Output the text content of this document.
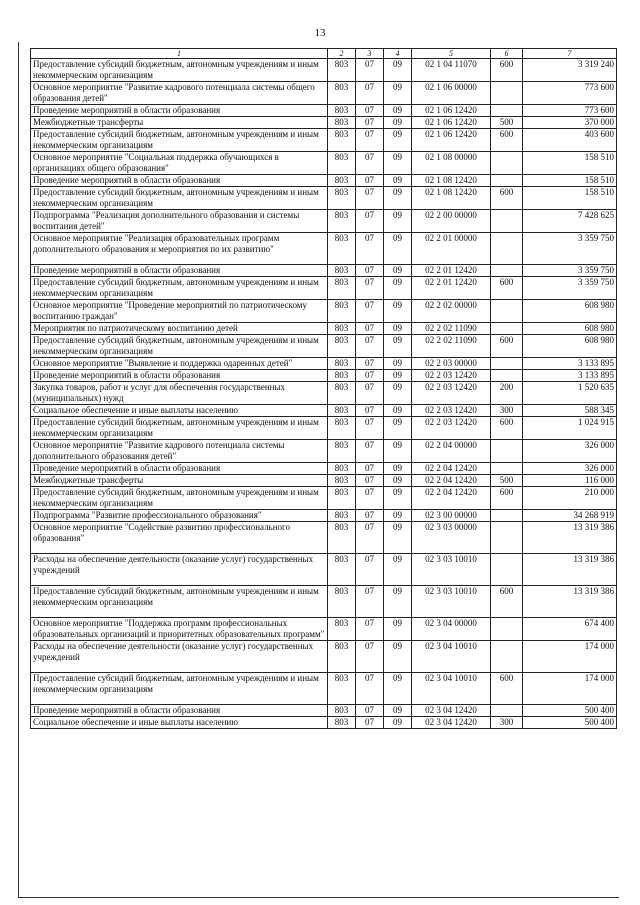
13
1	2	3	4	5	6	7
Предоставление субсидий бюджетным, автономным учреждениям и иным некоммерческим организациям	803	07	09	02 1 04 11070	600	3 319 240
Основное мероприятие "Развитие кадрового потенциала системы общего образования детей"	803	07	09	02 1 06 00000		773 600
Проведение мероприятий в области образования	803	07	09	02 1 06 12420		773 600
Межбюджетные трансферты	803	07	09	02 1 06 12420	500	370 000
Предоставление субсидий бюджетным, автономным учреждениям и иным некоммерческим организациям	803	07	09	02 1 06 12420	600	403 600
Основное мероприятие "Социальная поддержка обучающихся в организациях общего образования"	803	07	09	02 1 08 00000		158 510
Проведение мероприятий в области образования	803	07	09	02 1 08 12420		158 510
Предоставление субсидий бюджетным, автономным учреждениям и иным некоммерческим организациям	803	07	09	02 1 08 12420	600	158 510
Подпрограмма "Реализация дополнительного образования и системы воспитания детей"	803	07	09	02 2 00 00000		7 428 625
Основное мероприятие "Реализация образовательных программ дополнительного образования и мероприятия по их развитию"	803	07	09	02 2 01 00000		3 359 750
Проведение мероприятий в области образования	803	07	09	02 2 01 12420		3 359 750
Предоставление субсидий бюджетным, автономным учреждениям и иным некоммерческим организациям	803	07	09	02 2 01 12420	600	3 359 750
Основное мероприятие "Проведение мероприятий по патриотическому воспитанию граждан"	803	07	09	02 2 02 00000		608 980
Мероприятия по патриотическому воспитанию детей	803	07	09	02 2 02 11090		608 980
Предоставление субсидий бюджетным, автономным учреждениям и иным некоммерческим организациям	803	07	09	02 2 02 11090	600	608 980
Основное мероприятие "Выявление и поддержка одаренных детей"	803	07	09	02 2 03 00000		3 133 895
Проведение мероприятий в области образования	803	07	09	02 2 03 12420		3 133 895
Закупка товаров, работ и услуг для обеспечения государственных (муниципальных) нужд	803	07	09	02 2 03 12420	200	1 520 635
Социальное обеспечение и иные выплаты населению	803	07	09	02 2 03 12420	300	588 345
Предоставление субсидий бюджетным, автономным учреждениям и иным некоммерческим организациям	803	07	09	02 2 03 12420	600	1 024 915
Основное мероприятие "Развитие кадрового потенциала системы дополнительного образования детей"	803	07	09	02 2 04 00000		326 000
Проведение мероприятий в области образования	803	07	09	02 2 04 12420		326 000
Межбюджетные трансферты	803	07	09	02 2 04 12420	500	116 000
Предоставление субсидий бюджетным, автономным учреждениям и иным некоммерческим организациям	803	07	09	02 2 04 12420	600	210 000
Подпрограмма "Развитие профессионального образования"	803	07	09	02 3 00 00000		34 268 919
Основное мероприятие "Содействие развитию профессионального образования"	803	07	09	02 3 03 00000		13 319 386
Расходы на обеспечение деятельности (оказание услуг) государственных учреждений	803	07	09	02 3 03 10010		13 319 386
Предоставление субсидий бюджетным, автономным учреждениям и иным некоммерческим организациям	803	07	09	02 3 03 10010	600	13 319 386
Основное мероприятие "Поддержка программ профессиональных образовательных организаций и приоритетных образовательных программ"	803	07	09	02 3 04 00000		674 400
Расходы на обеспечение деятельности (оказание услуг) государственных учреждений	803	07	09	02 3 04 10010		174 000
Предоставление субсидий бюджетным, автономным учреждениям и иным некоммерческим организациям	803	07	09	02 3 04 10010	600	174 000
Проведение мероприятий в области образования	803	07	09	02 3 04 12420		500 400
Социальное обеспечение и иные выплаты населению	803	07	09	02 3 04 12420	300	500 400
